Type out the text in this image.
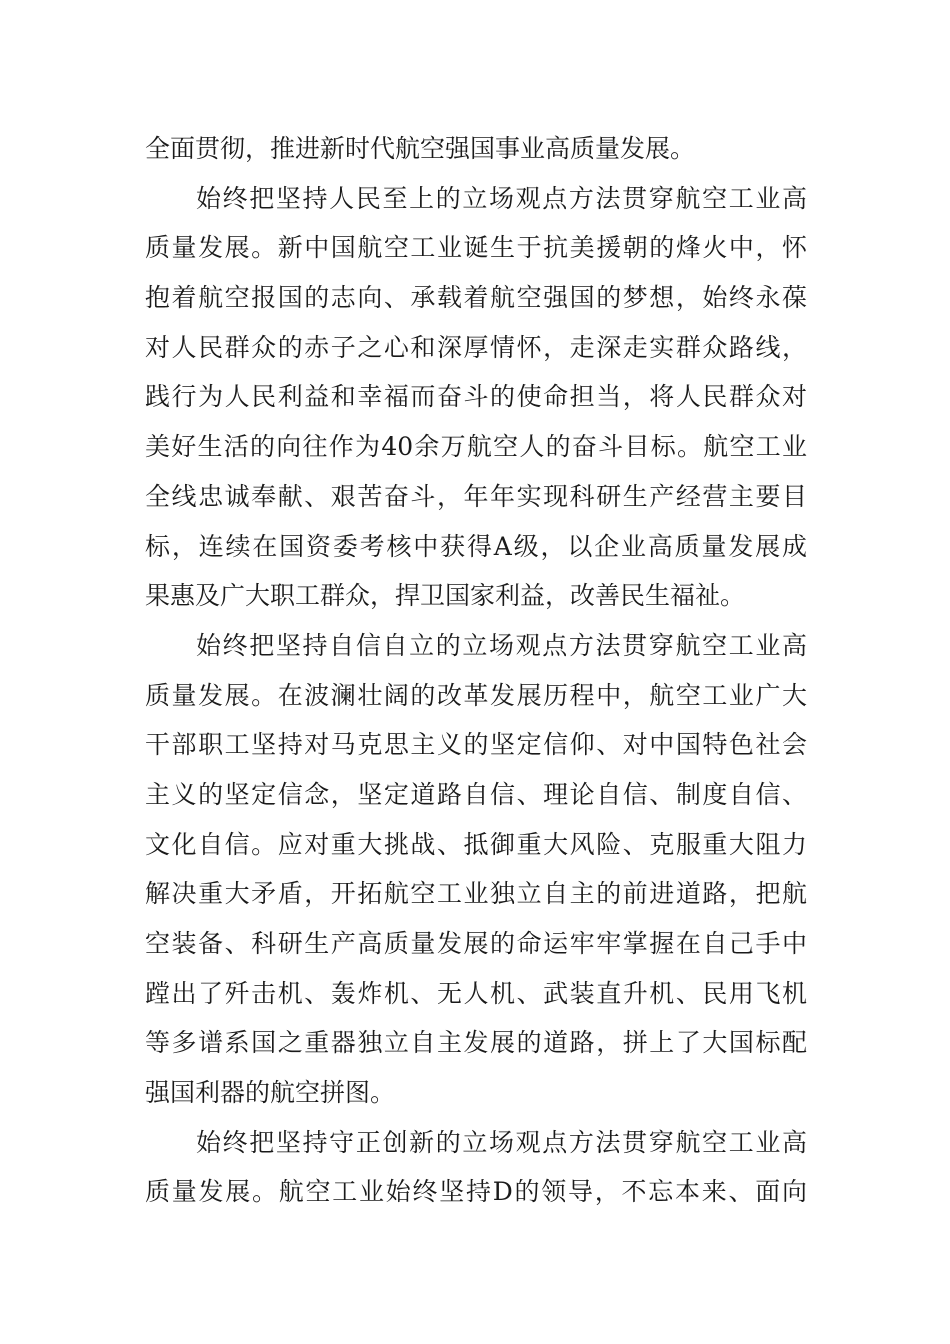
全面贯彻，推进新时代航空强国事业高质量发展。
始终把坚持人民至上的立场观点方法贯穿航空工业高
质量发展。新中国航空工业诞生于抗美援朝的烽火中，怀
抱着航空报国的志向、承载着航空强国的梦想，始终永葆
对人民群众的赤子之心和深厚情怀，走深走实群众路线，
践行为人民利益和幸福而奋斗的使命担当，将人民群众对
美好生活的向往作为40余万航空人的奋斗目标。航空工业
全线忠诚奉献、艰苦奋斗，年年实现科研生产经营主要目
标，连续在国资委考核中获得A级，以企业高质量发展成
果惠及广大职工群众，捍卫国家利益，改善民生福祉。
始终把坚持自信自立的立场观点方法贯穿航空工业高
质量发展。在波澜壮阔的改革发展历程中，航空工业广大
干部职工坚持对马克思主义的坚定信仰、对中国特色社会
主义的坚定信念，坚定道路自信、理论自信、制度自信、
文化自信。应对重大挑战、抵御重大风险、克服重大阻力
解决重大矛盾，开拓航空工业独立自主的前进道路，把航
空装备、科研生产高质量发展的命运牢牢掌握在自己手中
蹚出了歼击机、轰炸机、无人机、武装直升机、民用飞机
等多谱系国之重器独立自主发展的道路，拼上了大国标配
强国利器的航空拼图。
始终把坚持守正创新的立场观点方法贯穿航空工业高
质量发展。航空工业始终坚持D的领导，不忘本来、面向
